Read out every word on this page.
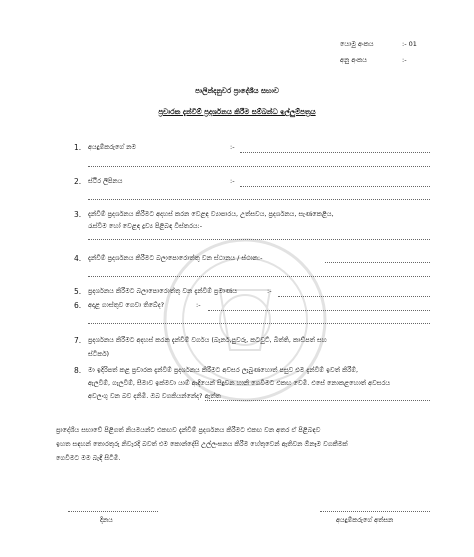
යොමු අංකය	:- 01
අනු අංකය	:-
පාලින්දනුවර ප්‍රාදේශීය සභාව
ප්‍රචාරක දැන්වීම් ප්‍රදර්ශනය කිරීම සම්බන්ධ ඉල්ලුම්පත්‍රය
1. අයදුම්කරුගේ නම	:-
2. ස්ථිර ලිපිනය	:-
3. දැන්වීම් ප්‍රදර්ශනය කිරීමට අදහස් කරන වෙළඳ ව්‍යාපාරය, උත්සවය, ප්‍රදර්ශනය, සැණකෙළිය,
රැස්වීම හෝ වෙළඳ ද්‍රව්‍ය පිළිබඳ විස්තරය:-
4. දැන්වීම් ප්‍රදර්ශනය කිරීමට බලාපොරොත්තු වන ස්ථානය / ස්ථාන:-
5. ප්‍රදර්ශනය කිරීමට බලාපොරොත්තු වන දැන්වීම් ප්‍රමාණය	:-
6. අදාළ ගාස්තුව ගෙවා තිබේද?	:-
7. ප්‍රදර්ශනය කිරීමට අදහස් කරන දැන්වීම් වර්ගය (බැනර්,පුවරු, කටවුට්, බිත්ති, කාඩ්පත් සහ
ස්ටිකර්)
8. මා ඉදිරිපත් කළ ප්‍රචාරක දැන්වීම් ප්‍රදර්ශනය කිරීමට අවසර ලැබුණහොත් පසුව එම දැන්වීම් ඉවත් කිරීම්,
ඇලවීම්, ගැලවීම්, සීමාව ඉක්මවා යාම් ආදියෙන් සිදුවන හානි ගෙවීමට එකඟ වෙමි. එසේ නොකළහොත් අවසරය
අවලංගු වන බව දනිමි. ඔබ වගකියන්නේද? ඇත්ත
ප්‍රාදේශීය සභාවේ පිළිගත් නියමයන්ට එකඟව දැන්වීම් ප්‍රදර්ශනය කිරීමට එකඟ වන අතර ඒ පිළිබඳව
ඉහත සඳහන් තොරතුරු නිවැරදි බවත් එම කොන්දේසි උල්ලංඝනය කිරීම හේතුවෙන් ඇතිවන ඕනෑම වගකීමක්
ගෙවීමට මම බැඳී සිටිමි.
දිනය	අයදුම්කරුගේ අත්සන
